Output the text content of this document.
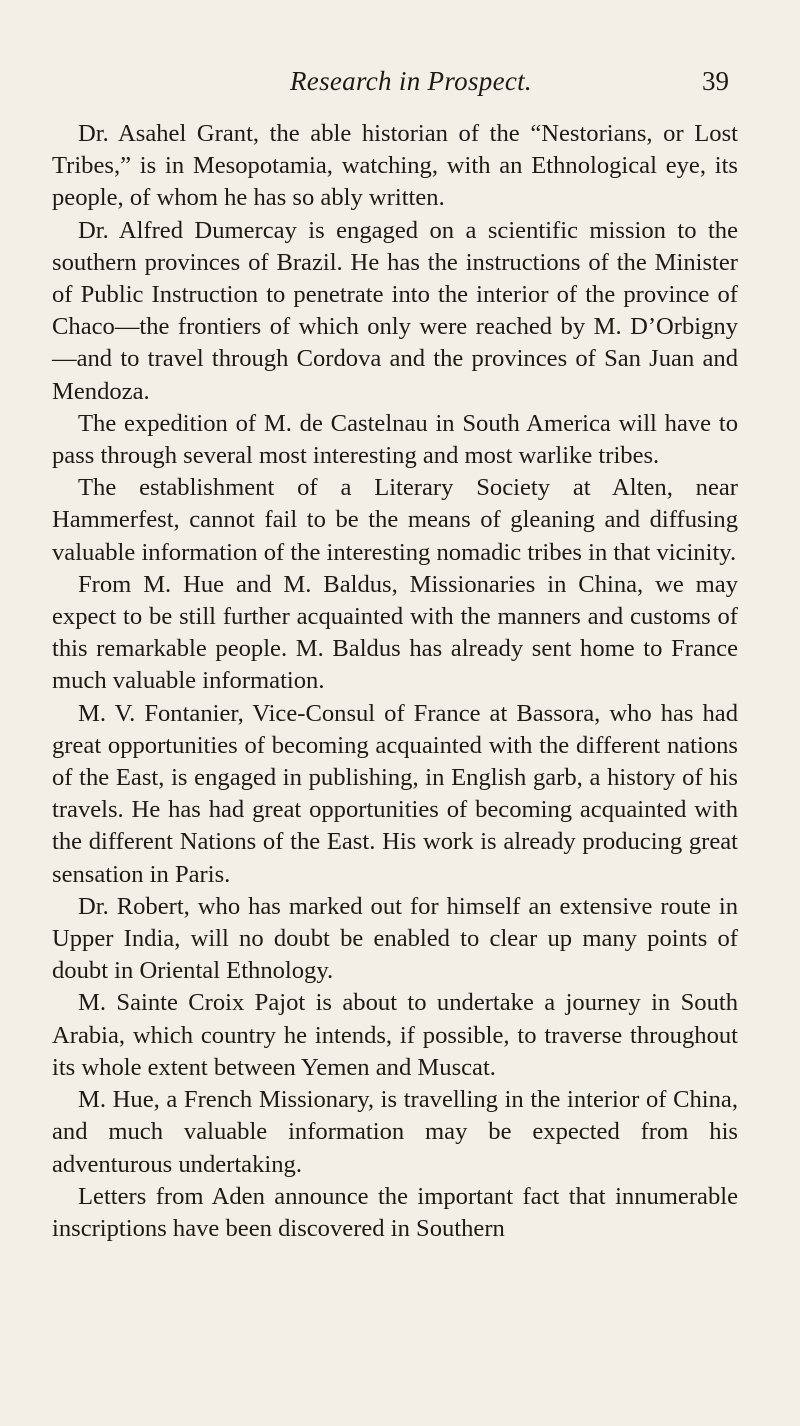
Research in Prospect.	39

Dr. Asahel Grant, the able historian of the “Nestorians, or Lost Tribes,” is in Mesopotamia, watching, with an Ethnological eye, its people, of whom he has so ably written.

Dr. Alfred Dumercay is engaged on a scientific mission to the southern provinces of Brazil. He has the instructions of the Minister of Public Instruction to penetrate into the interior of the province of Chaco—the frontiers of which only were reached by M. D’Orbigny—and to travel through Cordova and the provinces of San Juan and Mendoza.

The expedition of M. de Castelnau in South America will have to pass through several most interesting and most warlike tribes.

The establishment of a Literary Society at Alten, near Hammerfest, cannot fail to be the means of gleaning and diffusing valuable information of the interesting nomadic tribes in that vicinity.

From M. Hue and M. Baldus, Missionaries in China, we may expect to be still further acquainted with the manners and customs of this remarkable people. M. Baldus has already sent home to France much valuable information.

M. V. Fontanier, Vice-Consul of France at Bassora, who has had great opportunities of becoming acquainted with the different nations of the East, is engaged in publishing, in English garb, a history of his travels. He has had great opportunities of becoming acquainted with the different Nations of the East. His work is already producing great sensation in Paris.

Dr. Robert, who has marked out for himself an extensive route in Upper India, will no doubt be enabled to clear up many points of doubt in Oriental Ethnology.

M. Sainte Croix Pajot is about to undertake a journey in South Arabia, which country he intends, if possible, to traverse throughout its whole extent between Yemen and Muscat.

M. Hue, a French Missionary, is travelling in the interior of China, and much valuable information may be expected from his adventurous undertaking.

Letters from Aden announce the important fact that innumerable inscriptions have been discovered in Southern
